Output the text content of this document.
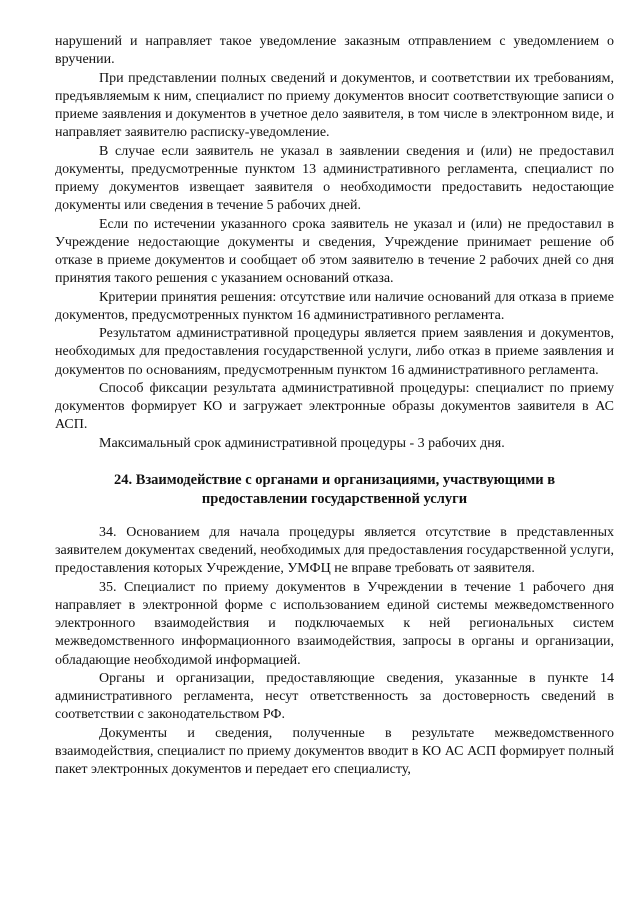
нарушений и направляет такое уведомление заказным отправлением с уведомлением о вручении.

При представлении полных сведений и документов, и соответствии их требованиям, предъявляемым к ним, специалист по приему документов вносит соответствующие записи о приеме заявления и документов в учетное дело заявителя, в том числе в электронном виде, и направляет заявителю расписку-уведомление.

В случае если заявитель не указал в заявлении сведения и (или) не предоставил документы, предусмотренные пунктом 13 административного регламента, специалист по приему документов извещает заявителя о необходимости предоставить недостающие документы или сведения в течение 5 рабочих дней.

Если по истечении указанного срока заявитель не указал и (или) не предоставил в Учреждение недостающие документы и сведения, Учреждение принимает решение об отказе в приеме документов и сообщает об этом заявителю в течение 2 рабочих дней со дня принятия такого решения с указанием оснований отказа.

Критерии принятия решения: отсутствие или наличие оснований для отказа в приеме документов, предусмотренных пунктом 16 административного регламента.

Результатом административной процедуры является прием заявления и документов, необходимых для предоставления государственной услуги, либо отказ в приеме заявления и документов по основаниям, предусмотренным пунктом 16 административного регламента.

Способ фиксации результата административной процедуры: специалист по приему документов формирует КО и загружает электронные образы документов заявителя в АС АСП.

Максимальный срок административной процедуры - 3 рабочих дня.

24. Взаимодействие с органами и организациями, участвующими в предоставлении государственной услуги

34. Основанием для начала процедуры является отсутствие в представленных заявителем документах сведений, необходимых для предоставления государственной услуги, предоставления которых Учреждение, УМФЦ не вправе требовать от заявителя.

35. Специалист по приему документов в Учреждении в течение 1 рабочего дня направляет в электронной форме с использованием единой системы межведомственного электронного взаимодействия и подключаемых к ней региональных систем межведомственного информационного взаимодействия, запросы в органы и организации, обладающие необходимой информацией.

Органы и организации, предоставляющие сведения, указанные в пункте 14 административного регламента, несут ответственность за достоверность сведений в соответствии с законодательством РФ.

Документы и сведения, полученные в результате межведомственного взаимодействия, специалист по приему документов вводит в КО АС АСП формирует полный пакет электронных документов и передает его специалисту,
